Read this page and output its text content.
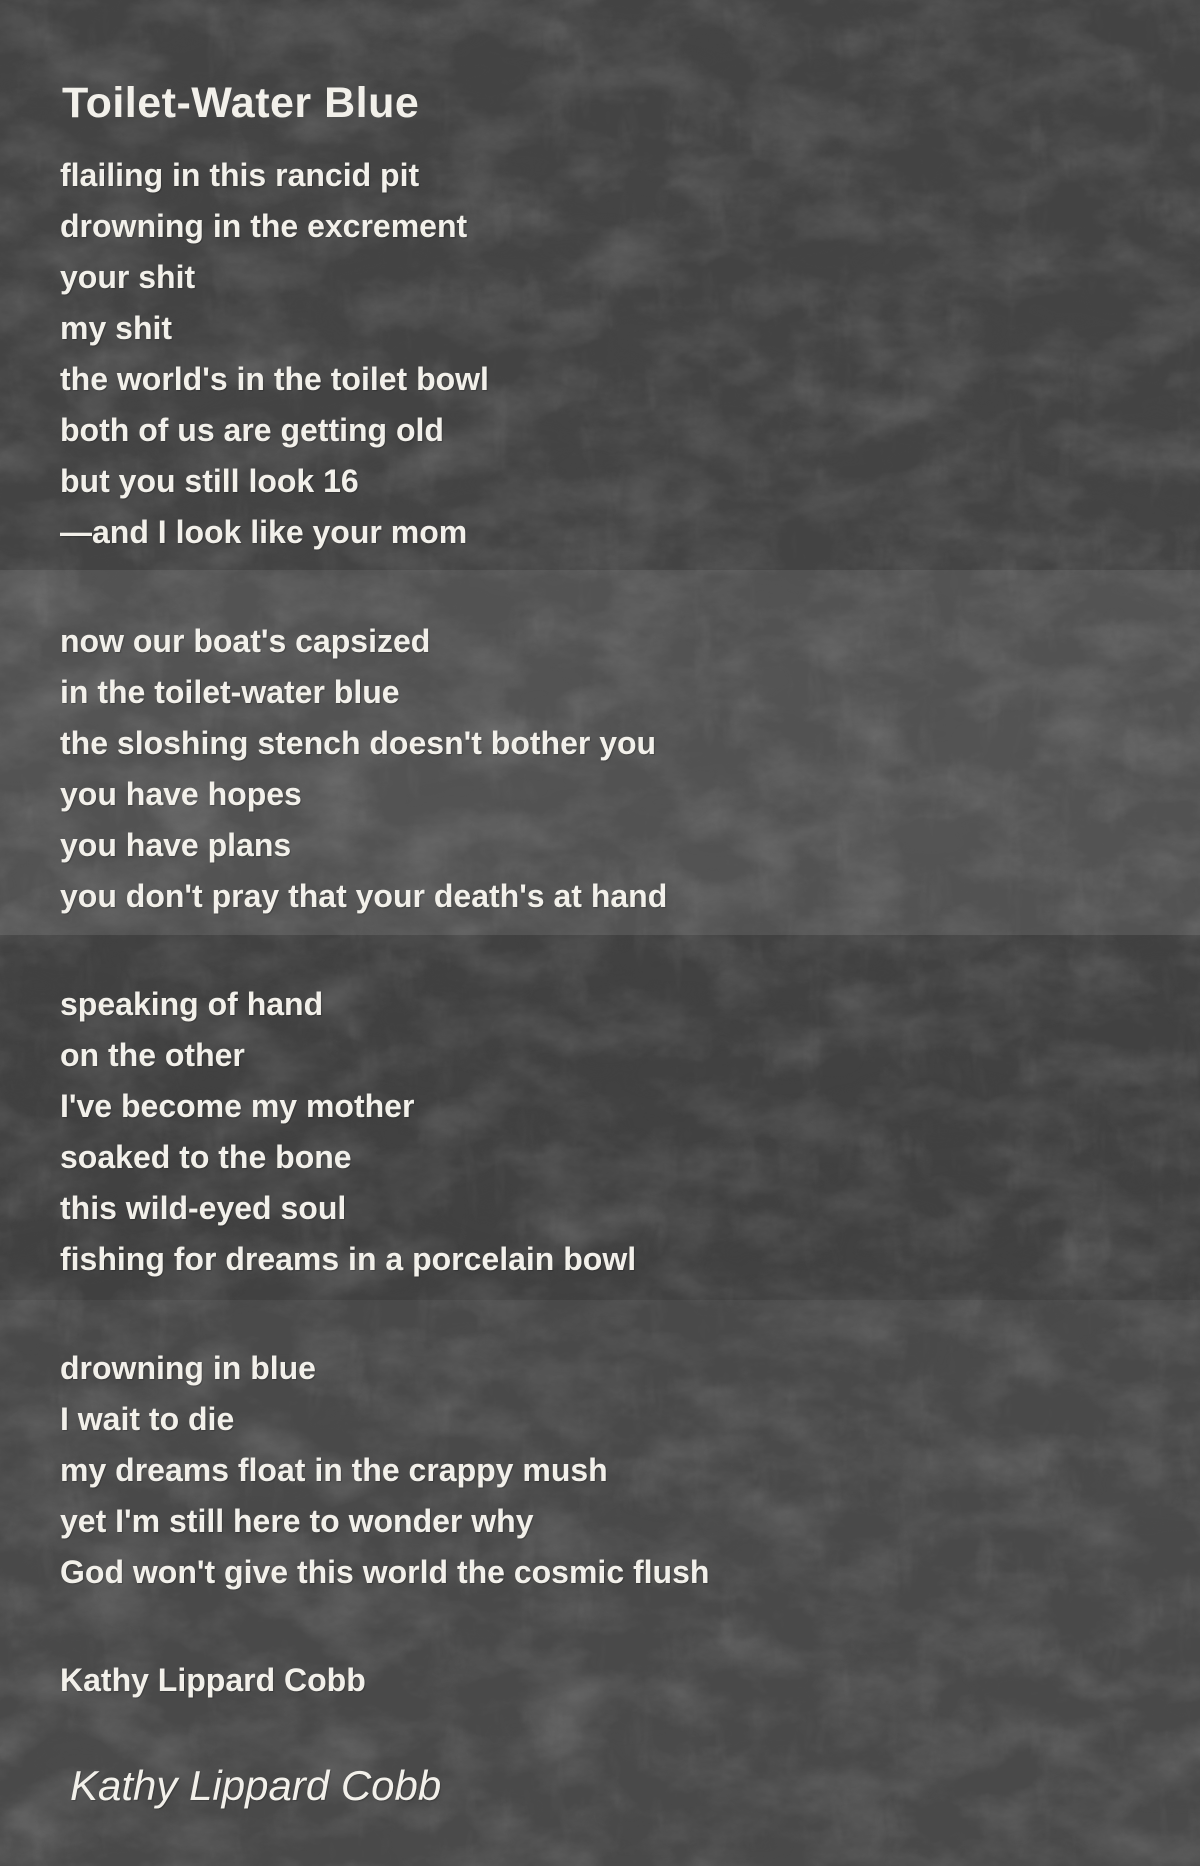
Toilet-Water Blue
flailing in this rancid pit
drowning in the excrement
your shit
my shit
the world's in the toilet bowl
both of us are getting old
but you still look 16
—and I look like your mom
now our boat's capsized
in the toilet-water blue
the sloshing stench doesn't bother you
you have hopes
you have plans
you don't pray that your death's at hand
speaking of hand
on the other
I've become my mother
soaked to the bone
this wild-eyed soul
fishing for dreams in a porcelain bowl
drowning in blue
I wait to die
my dreams float in the crappy mush
yet I'm still here to wonder why
God won't give this world the cosmic flush
Kathy Lippard Cobb
Kathy Lippard Cobb
